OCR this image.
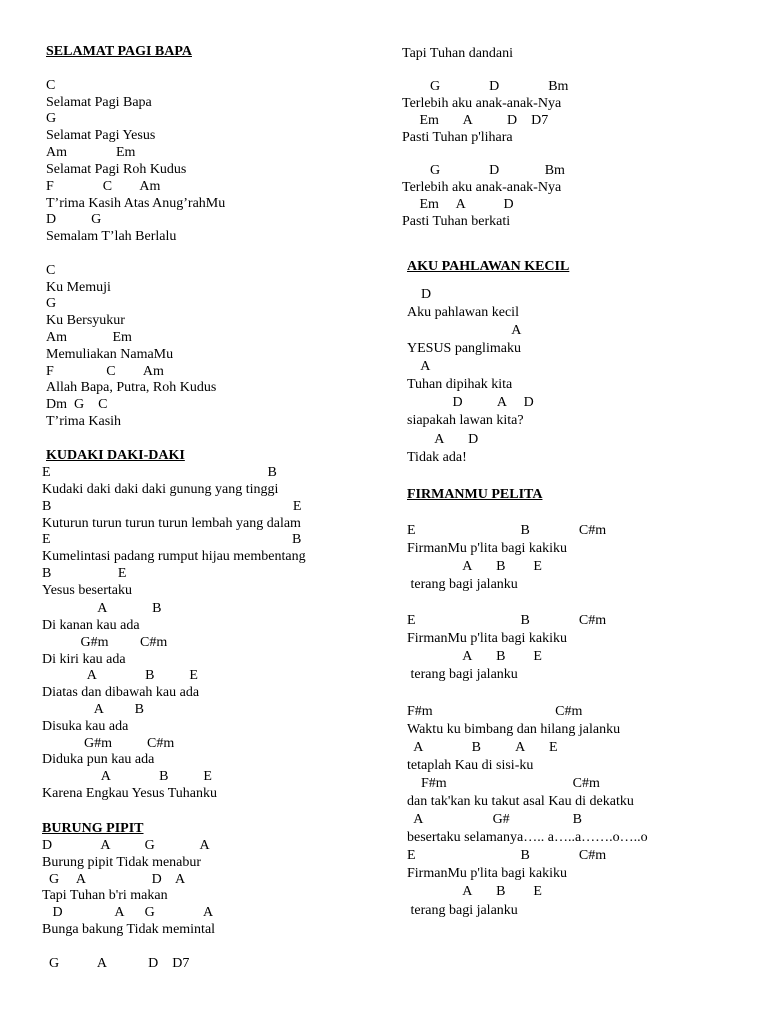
SELAMAT PAGI BAPA
C
Selamat Pagi Bapa
G
Selamat Pagi Yesus
Am              Em
Selamat Pagi Roh Kudus
F              C        Am
T’rima Kasih Atas Anug’rahMu
D          G
Semalam T’lah Berlalu
C
Ku Memuji
G
Ku Bersyukur
Am             Em
Memuliakan NamaMu
F               C        Am
Allah Bapa, Putra, Roh Kudus
Dm  G    C
T’rima Kasih
KUDAKI DAKI-DAKI
E                                                              B
Kudaki daki daki daki gunung yang tinggi
B                                                                     E
Kuturun turun turun turun lembah yang dalam
E                                                                     B
Kumelintasi padang rumput hijau membentang
B                   E
Yesus besertaku
A             B
Di kanan kau ada
G#m         C#m
Di kiri kau ada
A              B          E
Diatas dan dibawah kau ada
A         B
Disuka kau ada
G#m          C#m
Diduka pun kau ada
A              B          E
Karena Engkau Yesus Tuhanku
BURUNG PIPIT
D              A          G             A
Burung pipit Tidak menabur
G     A                   D    A
Tapi Tuhan b'ri makan
D               A      G              A
Bunga bakung Tidak memintal
G           A            D    D7
Tapi Tuhan dandani
G              D              Bm
Terlebih aku anak-anak-Nya
Em       A          D    D7
Pasti Tuhan p'lihara
G              D             Bm
Terlebih aku anak-anak-Nya
Em     A           D
Pasti Tuhan berkati
AKU PAHLAWAN KECIL
D
Aku pahlawan kecil
A
YESUS panglimaku
A
Tuhan dipihak kita
D          A     D
siapakah lawan kita?
A       D
Tidak ada!
FIRMANMU PELITA
E                              B              C#m
FirmanMu p'lita bagi kakiku
A       B        E
terang bagi jalanku
E                              B              C#m
FirmanMu p'lita bagi kakiku
A       B        E
terang bagi jalanku
F#m                                   C#m
Waktu ku bimbang dan hilang jalanku
A              B          A       E
tetaplah Kau di sisi-ku
F#m                                    C#m
dan tak'kan ku takut asal Kau di dekatku
A                    G#                  B
besertaku selamanya….. a…..a…….o…..o
E                              B              C#m
FirmanMu p'lita bagi kakiku
A       B        E
terang bagi jalanku
